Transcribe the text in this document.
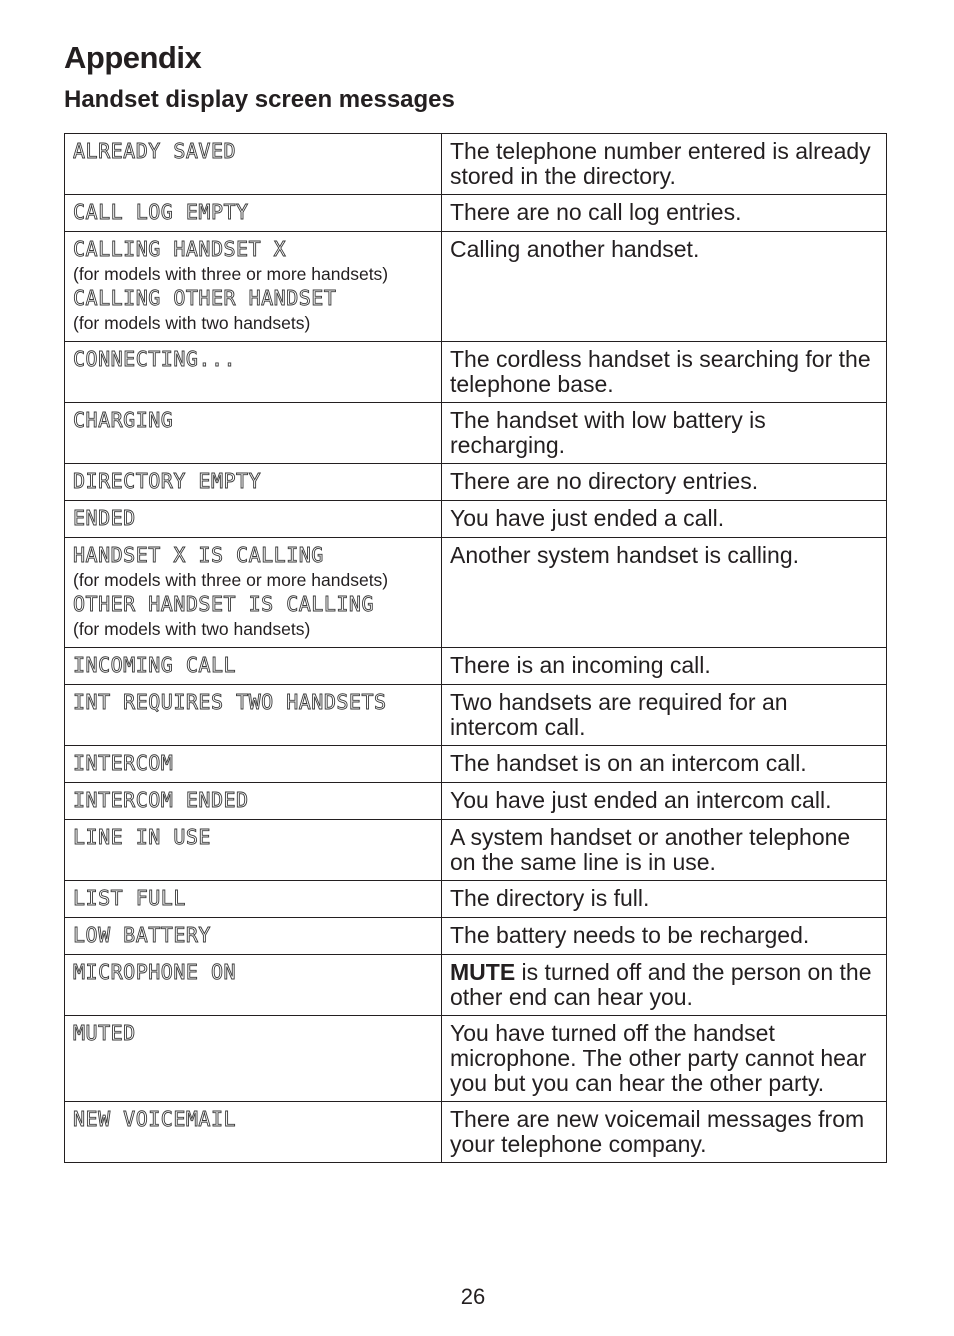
Appendix
Handset display screen messages
ALREADY SAVED	The telephone number entered is already stored in the directory.

CALL LOG EMPTY	There are no call log entries.

CALLING HANDSET X
(for models with three or more handsets)
CALLING OTHER HANDSET
(for models with two handsets)	Calling another handset.

CONNECTING...	The cordless handset is searching for the telephone base.

CHARGING	The handset with low battery is recharging.

DIRECTORY EMPTY	There are no directory entries.

ENDED	You have just ended a call.

HANDSET X IS CALLING
(for models with three or more handsets)
OTHER HANDSET IS CALLING
(for models with two handsets)	Another system handset is calling.

INCOMING CALL	There is an incoming call.

INT REQUIRES TWO HANDSETS	Two handsets are required for an intercom call.

INTERCOM	The handset is on an intercom call.

INTERCOM ENDED	You have just ended an intercom call.

LINE IN USE	A system handset or another telephone on the same line is in use.

LIST FULL	The directory is full.

LOW BATTERY	The battery needs to be recharged.

MICROPHONE ON	MUTE is turned off and the person on the other end can hear you.

MUTED	You have turned off the handset microphone. The other party cannot hear you but you can hear the other party.

NEW VOICEMAIL	There are new voicemail messages from your telephone company.
26
